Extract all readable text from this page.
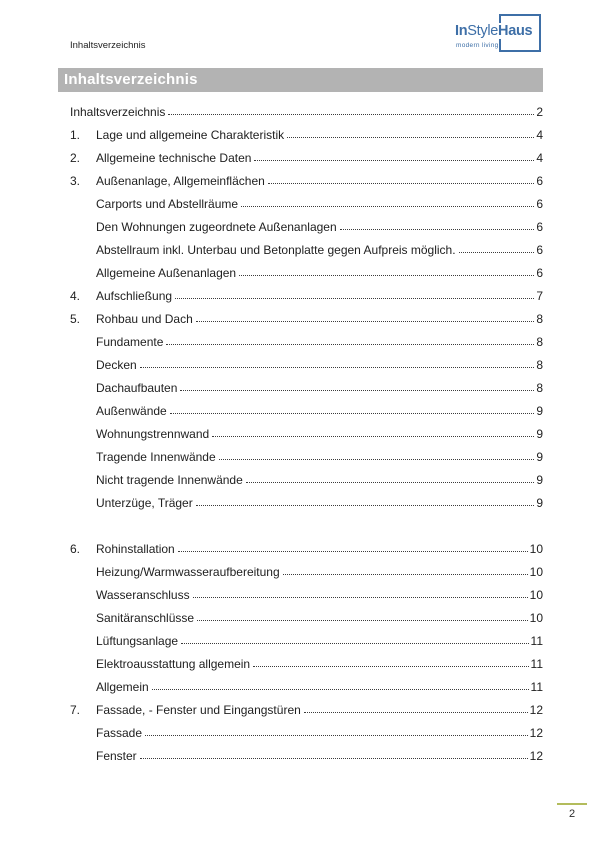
Inhaltsverzeichnis
InStyleHaus
modern living
Inhaltsverzeichnis
Inhaltsverzeichnis	2
1.	Lage und allgemeine Charakteristik	4
2.	Allgemeine technische Daten	4
3.	Außenanlage, Allgemeinflächen	6
Carports und Abstellräume	6
Den Wohnungen zugeordnete Außenanlagen	6
Abstellraum inkl. Unterbau und Betonplatte gegen Aufpreis möglich.	6
Allgemeine Außenanlagen	6
4.	Aufschließung	7
5.	Rohbau und Dach	8
Fundamente	8
Decken	8
Dachaufbauten	8
Außenwände	9
Wohnungstrennwand	9
Tragende Innenwände	9
Nicht tragende Innenwände	9
Unterzüge, Träger	9
6.	Rohinstallation	10
Heizung/Warmwasseraufbereitung	10
Wasseranschluss	10
Sanitäranschlüsse	10
Lüftungsanlage	11
Elektroausstattung allgemein	11
Allgemein	11
7.	Fassade, - Fenster und Eingangstüren	12
Fassade	12
Fenster	12
2
